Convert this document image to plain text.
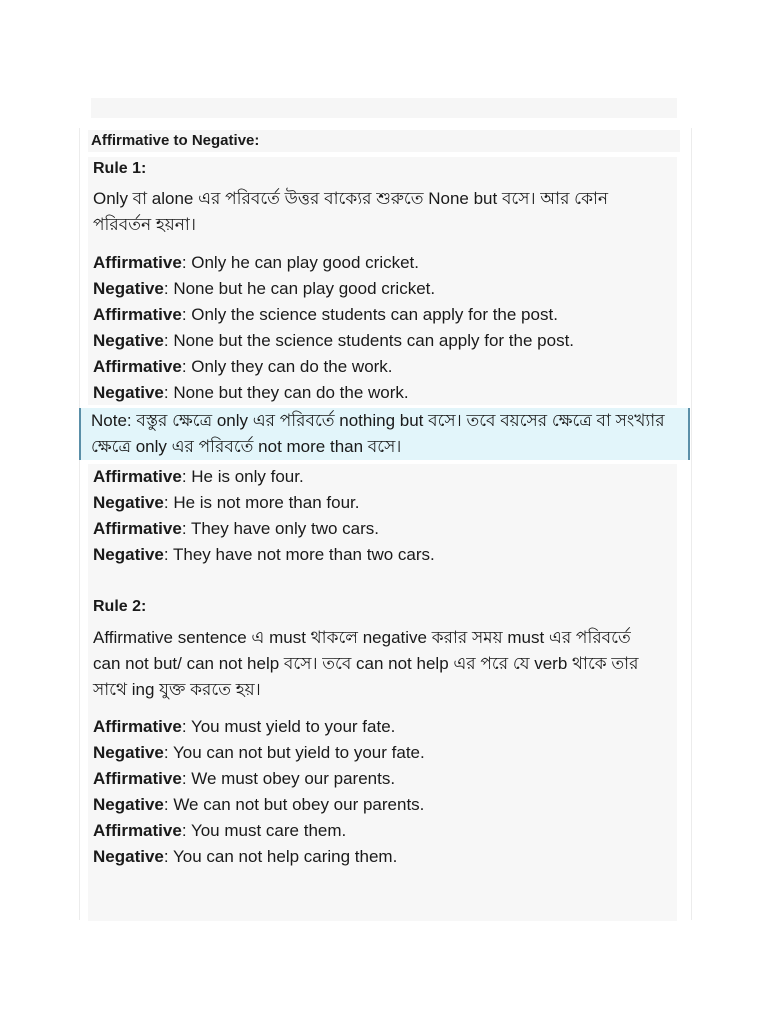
Affirmative to Negative:
Rule 1:
Only বা alone এর পরিবর্তে উত্তর বাক্যের শুরুতে None but বসে। আর কোন পরিবর্তন হয়না।
Affirmative: Only he can play good cricket.
Negative: None but he can play good cricket.
Affirmative: Only the science students can apply for the post.
Negative: None but the science students can apply for the post.
Affirmative: Only they can do the work.
Negative: None but they can do the work.
Note: বস্তুর ক্ষেত্রে only এর পরিবর্তে nothing but বসে। তবে বয়সের ক্ষেত্রে বা সংখ্যার ক্ষেত্রে only এর পরিবর্তে not more than বসে।
Affirmative: He is only four.
Negative: He is not more than four.
Affirmative: They have only two cars.
Negative: They have not more than two cars.
Rule 2:
Affirmative sentence এ must থাকলে negative করার সময় must এর পরিবর্তে can not but/ can not help বসে। তবে can not help এর পরে যে verb থাকে তার সাথে ing যুক্ত করতে হয়।
Affirmative: You must yield to your fate.
Negative: You can not but yield to your fate.
Affirmative: We must obey our parents.
Negative: We can not but obey our parents.
Affirmative: You must care them.
Negative: You can not help caring them.
